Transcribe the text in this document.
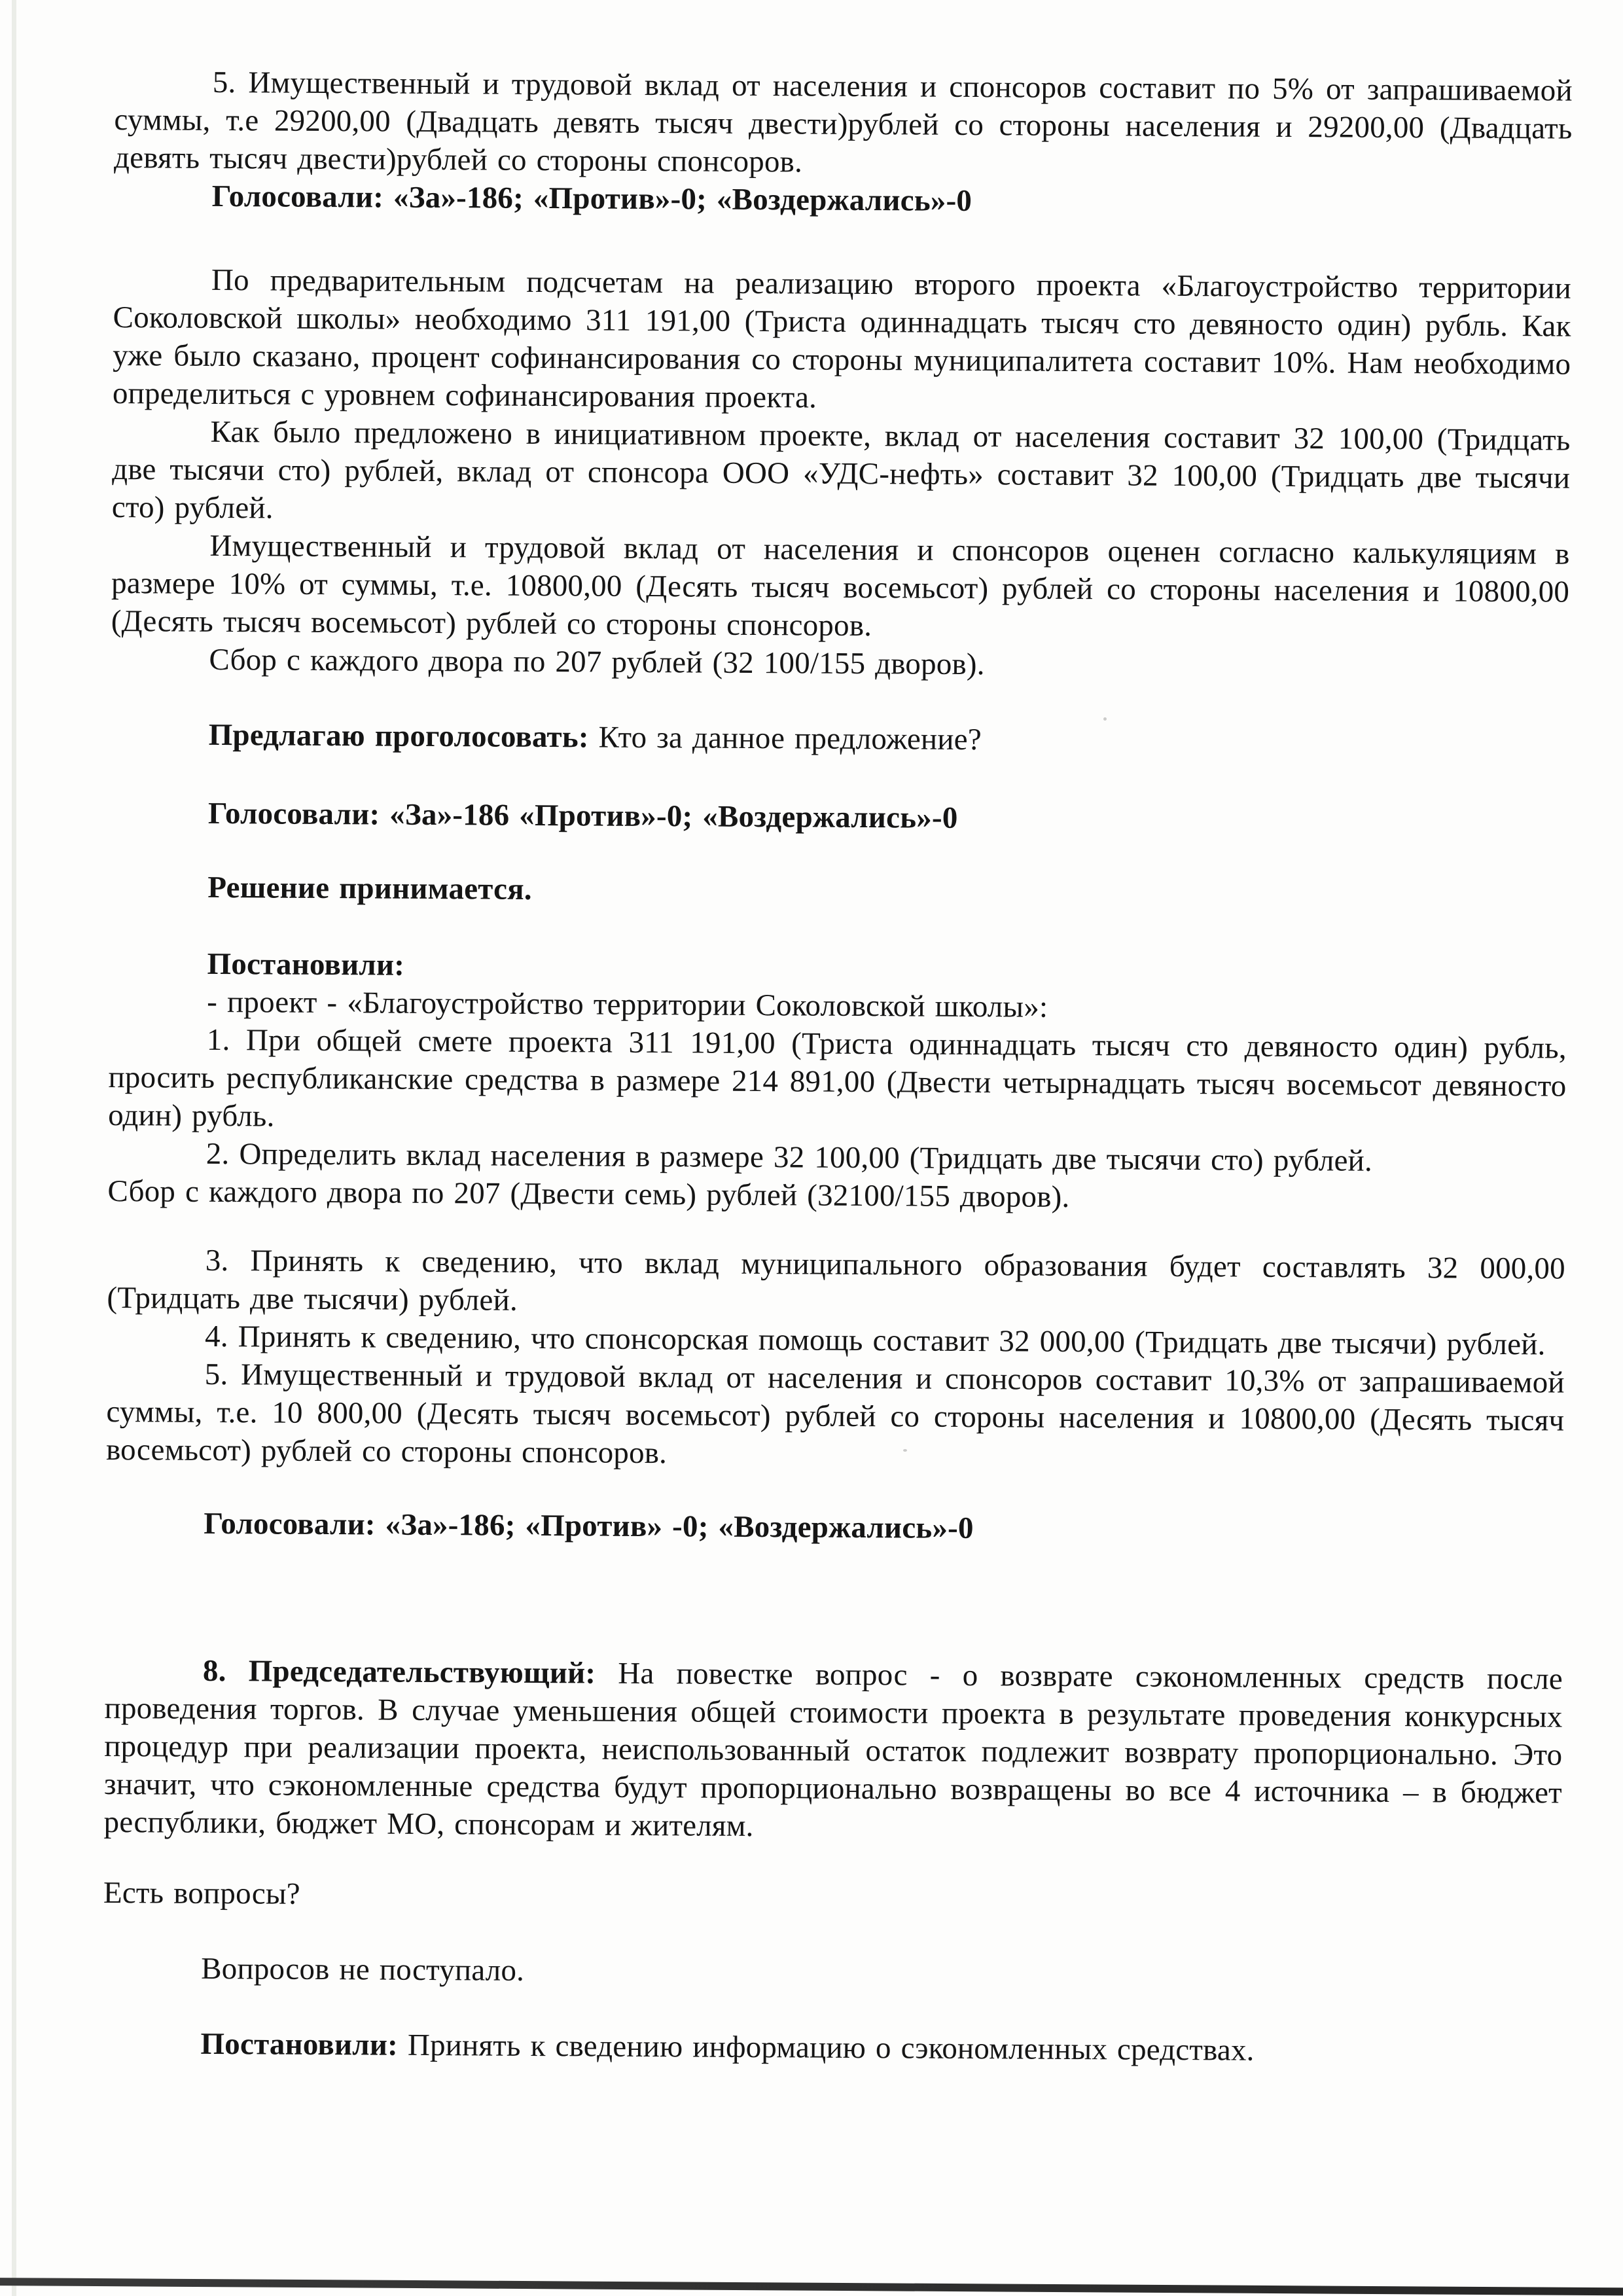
5. Имущественный и трудовой вклад от населения и спонсоров составит по 5% от запрашиваемой суммы, т.е 29200,00 (Двадцать девять тысяч двести)рублей со стороны населения и 29200,00 (Двадцать девять тысяч двести)рублей со стороны спонсоров.

Голосовали: «За»-186; «Против»-0; «Воздержались»-0

По предварительным подсчетам на реализацию второго проекта «Благоустройство территории Соколовской школы» необходимо 311 191,00 (Триста одиннадцать тысяч сто девяносто один) рубль. Как уже было сказано, процент софинансирования со стороны муниципалитета составит 10%. Нам необходимо определиться с уровнем софинансирования проекта.

Как было предложено в инициативном проекте, вклад от населения составит 32 100,00 (Тридцать две тысячи сто) рублей, вклад от спонсора ООО «УДС-нефть» составит 32 100,00 (Тридцать две тысячи сто) рублей.

Имущественный и трудовой вклад от населения и спонсоров оценен согласно калькуляциям в размере 10% от суммы, т.е. 10800,00 (Десять тысяч восемьсот) рублей со стороны населения и 10800,00 (Десять тысяч восемьсот) рублей со стороны спонсоров.

Сбор с каждого двора по 207 рублей (32 100/155 дворов).

Предлагаю проголосовать: Кто за данное предложение?

Голосовали: «За»-186 «Против»-0; «Воздержались»-0

Решение принимается.

Постановили:

- проект - «Благоустройство территории Соколовской школы»:

1. При общей смете проекта 311 191,00 (Триста одиннадцать тысяч сто девяносто один) рубль, просить республиканские средства в размере 214 891,00 (Двести четырнадцать тысяч восемьсот девяносто один) рубль.

2. Определить вклад населения в размере 32 100,00 (Тридцать две тысячи сто) рублей.

Сбор с каждого двора по 207 (Двести семь) рублей (32100/155 дворов).

3. Принять к сведению, что вклад муниципального образования будет составлять 32 000,00 (Тридцать две тысячи) рублей.

4. Принять к сведению, что спонсорская помощь составит 32 000,00 (Тридцать две тысячи) рублей.

5. Имущественный и трудовой вклад от населения и спонсоров составит 10,3% от запрашиваемой суммы, т.е. 10 800,00 (Десять тысяч восемьсот) рублей со стороны населения и 10800,00 (Десять тысяч восемьсот) рублей со стороны спонсоров.

Голосовали: «За»-186; «Против» -0; «Воздержались»-0

8. Председательствующий: На повестке вопрос - о возврате сэкономленных средств после проведения торгов. В случае уменьшения общей стоимости проекта в результате проведения конкурсных процедур при реализации проекта, неиспользованный остаток подлежит возврату пропорционально. Это значит, что сэкономленные средства будут пропорционально возвращены во все 4 источника – в бюджет республики, бюджет МО, спонсорам и жителям.

Есть вопросы?

Вопросов не поступало.

Постановили: Принять к сведению информацию о сэкономленных средствах.
